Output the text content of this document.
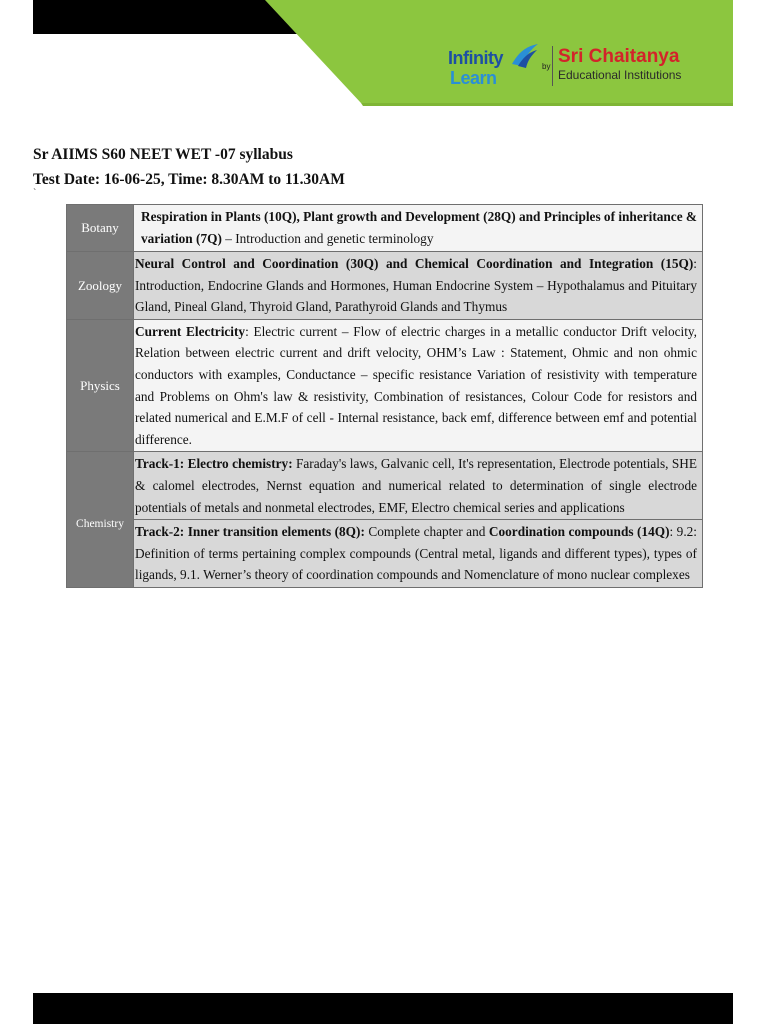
Infinity
Learn
by Sri Chaitanya
Educational Institutions
Sr AIIMS S60 NEET WET -07 syllabus
Test Date: 16-06-25, Time: 8.30AM to 11.30AM
`
Botany	Respiration in Plants (10Q), Plant growth and Development (28Q) and Principles of inheritance & variation (7Q) – Introduction and genetic terminology
Zoology	Neural Control and Coordination (30Q) and Chemical Coordination and Integration (15Q): Introduction, Endocrine Glands and Hormones, Human Endocrine System – Hypothalamus and Pituitary Gland, Pineal Gland, Thyroid Gland, Parathyroid Glands and Thymus
Physics	Current Electricity: Electric current – Flow of electric charges in a metallic conductor Drift velocity, Relation between electric current and drift velocity, OHM’s Law : Statement, Ohmic and non ohmic conductors with examples, Conductance – specific resistance Variation of resistivity with temperature and Problems on Ohm's law & resistivity, Combination of resistances, Colour Code for resistors and related numerical and E.M.F of cell - Internal resistance, back emf, difference between emf and potential difference.
Chemistry	Track-1: Electro chemistry: Faraday's laws, Galvanic cell, It's representation, Electrode potentials, SHE & calomel electrodes, Nernst equation and numerical related to determination of single electrode potentials of metals and nonmetal electrodes, EMF, Electro chemical series and applications
	Track-2: Inner transition elements (8Q): Complete chapter and Coordination compounds (14Q): 9.2: Definition of terms pertaining complex compounds (Central metal, ligands and different types), types of ligands, 9.1. Werner’s theory of coordination compounds and Nomenclature of mono nuclear complexes
